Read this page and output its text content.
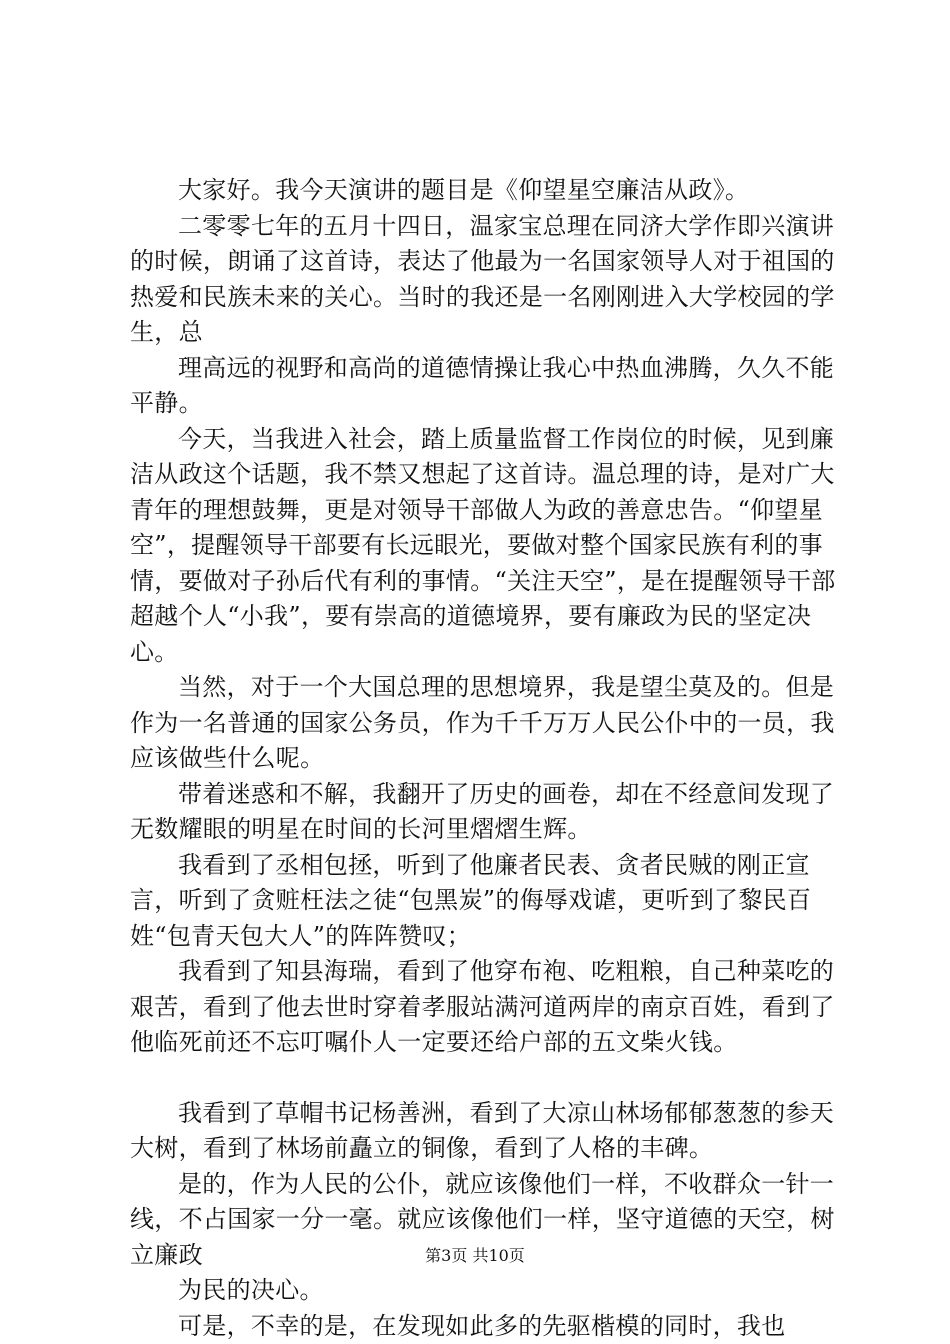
大家好。我今天演讲的题目是《仰望星空廉洁从政》。

二零零七年的五月十四日，温家宝总理在同济大学作即兴演讲的时候，朗诵了这首诗，表达了他最为一名国家领导人对于祖国的热爱和民族未来的关心。当时的我还是一名刚刚进入大学校园的学生，总

理高远的视野和高尚的道德情操让我心中热血沸腾，久久不能平静。

今天，当我进入社会，踏上质量监督工作岗位的时候，见到廉洁从政这个话题，我不禁又想起了这首诗。温总理的诗，是对广大青年的理想鼓舞，更是对领导干部做人为政的善意忠告。“仰望星空”，提醒领导干部要有长远眼光，要做对整个国家民族有利的事情，要做对子孙后代有利的事情。“关注天空”，是在提醒领导干部超越个人“小我”，要有崇高的道德境界，要有廉政为民的坚定决心。

当然，对于一个大国总理的思想境界，我是望尘莫及的。但是作为一名普通的国家公务员，作为千千万万人民公仆中的一员，我应该做些什么呢。

带着迷惑和不解，我翻开了历史的画卷，却在不经意间发现了无数耀眼的明星在时间的长河里熠熠生辉。

我看到了丞相包拯，听到了他廉者民表、贪者民贼的刚正宣言，听到了贪赃枉法之徒“包黑炭”的侮辱戏谑，更听到了黎民百姓“包青天包大人”的阵阵赞叹；

我看到了知县海瑞，看到了他穿布袍、吃粗粮，自己种菜吃的艰苦，看到了他去世时穿着孝服站满河道两岸的南京百姓，看到了他临死前还不忘叮嘱仆人一定要还给户部的五文柴火钱。

我看到了草帽书记杨善洲，看到了大凉山林场郁郁葱葱的参天大树，看到了林场前矗立的铜像，看到了人格的丰碑。

是的，作为人民的公仆，就应该像他们一样，不收群众一针一线，不占国家一分一毫。就应该像他们一样，坚守道德的天空，树立廉政

为民的决心。

可是，不幸的是，在发现如此多的先驱楷模的同时，我也

第3页 共10页
